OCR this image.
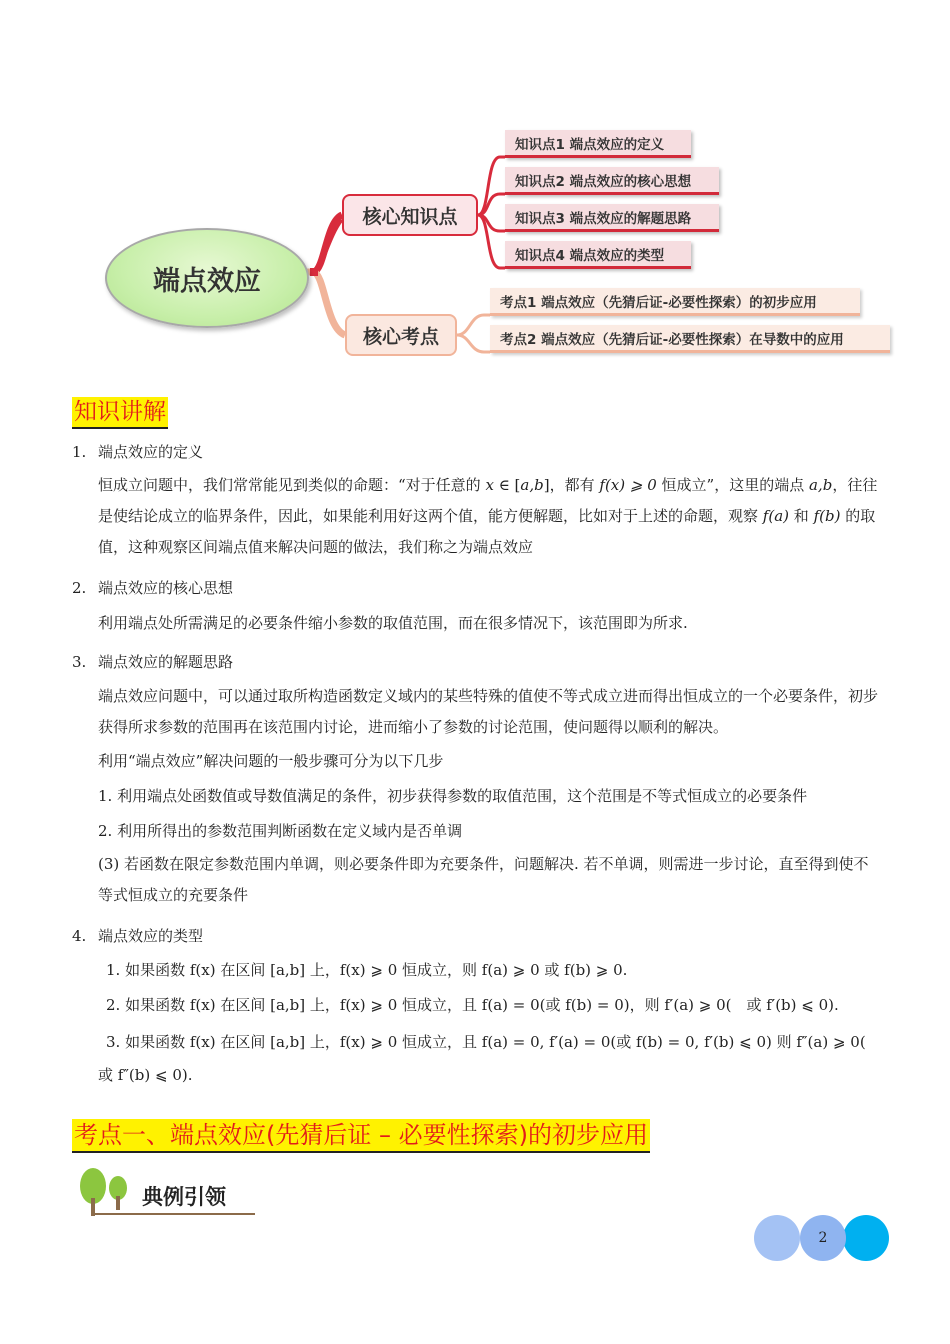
端点效应
核心知识点
核心考点
知识点1 端点效应的定义
知识点2 端点效应的核心思想
知识点3 端点效应的解题思路
知识点4 端点效应的类型
考点1 端点效应（先猜后证-必要性探索）的初步应用
考点2 端点效应（先猜后证-必要性探索）在导数中的应用
知识讲解
1. 端点效应的定义
恒成立问题中，我们常常能见到类似的命题：“对于任意的 x ∈ [a,b]，都有 f(x) ⩾ 0 恒成立”，这里的端点 a,b，往往是使结论成立的临界条件，因此，如果能利用好这两个值，能方便解题，比如对于上述的命题，观察 f(a) 和 f(b) 的取值，这种观察区间端点值来解决问题的做法，我们称之为端点效应
2. 端点效应的核心思想
利用端点处所需满足的必要条件缩小参数的取值范围，而在很多情况下，该范围即为所求.
3. 端点效应的解题思路
端点效应问题中，可以通过取所构造函数定义域内的某些特殊的值使不等式成立进而得出恒成立的一个必要条件，初步获得所求参数的范围再在该范围内讨论，进而缩小了参数的讨论范围，使问题得以顺利的解决。
利用“端点效应”解决问题的一般步骤可分为以下几步
1. 利用端点处函数值或导数值满足的条件，初步获得参数的取值范围，这个范围是不等式恒成立的必要条件
2. 利用所得出的参数范围判断函数在定义域内是否单调
(3) 若函数在限定参数范围内单调，则必要条件即为充要条件，问题解决. 若不单调，则需进一步讨论，直至得到使不等式恒成立的充要条件
4. 端点效应的类型
1. 如果函数 f(x) 在区间 [a,b] 上，f(x) ⩾ 0 恒成立，则 f(a) ⩾ 0 或 f(b) ⩾ 0.
2. 如果函数 f(x) 在区间 [a,b] 上，f(x) ⩾ 0 恒成立，且 f(a) = 0(或 f(b) = 0)，则 f′(a) ⩾ 0(　或 f′(b) ⩽ 0).
3. 如果函数 f(x) 在区间 [a,b] 上，f(x) ⩾ 0 恒成立，且 f(a) = 0, f′(a) = 0(或 f(b) = 0, f′(b) ⩽ 0) 则 f″(a) ⩾ 0(
或 f″(b) ⩽ 0).
考点一、端点效应(先猜后证 – 必要性探索)的初步应用
典例引领
2
